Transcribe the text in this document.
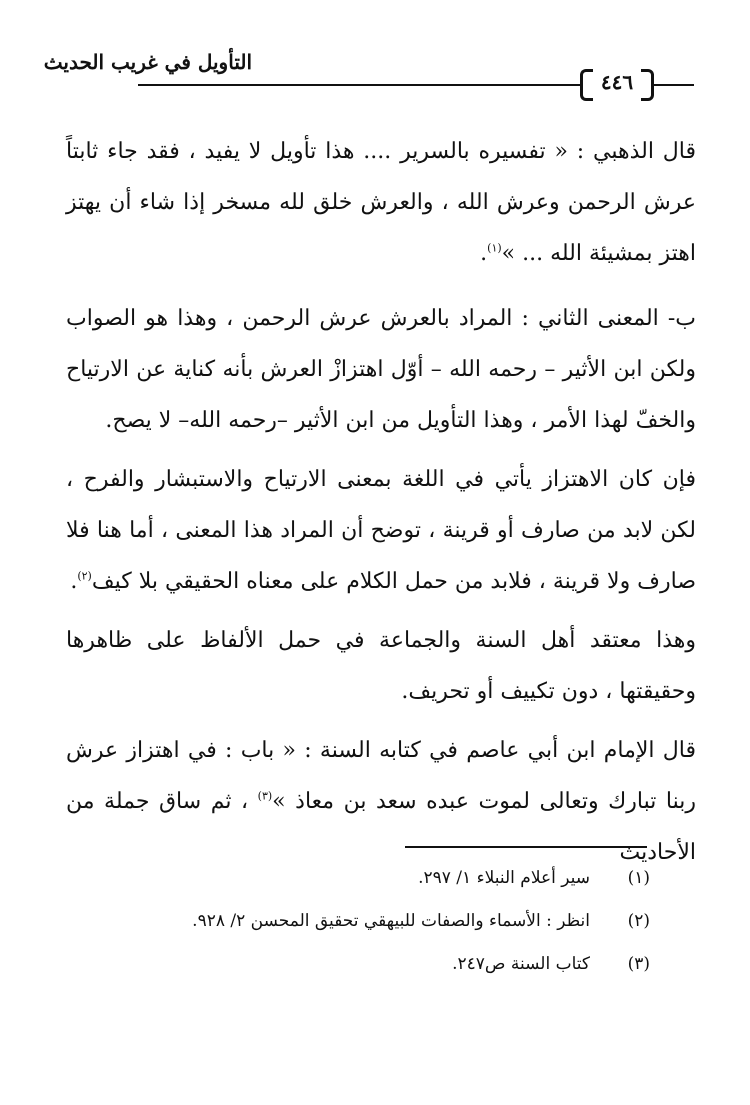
التأويل في غريب الحديث
٤٤٦

قال الذهبي : « تفسيره بالسرير .... هذا تأويل لا يفيد ، فقد جاء ثابتاً عرش الرحمن وعرش الله ، والعرش خلق لله مسخر إذا شاء أن يهتز اهتز بمشيئة الله ... »$^{(١)}$.

ب- المعنى الثاني : المراد بالعرش عرش الرحمن ، وهذا هو الصواب ولكن ابن الأثير – رحمه الله – أوّل اهتزازْ العرش بأنه كناية عن الارتياح والخفّ لهذا الأمر ، وهذا التأويل من ابن الأثير –رحمه الله– لا يصح.

فإن كان الاهتزاز يأتي في اللغة بمعنى الارتياح والاستبشار والفرح ، لكن لابد من صارف أو قرينة ، توضح أن المراد هذا المعنى ، أما هنا فلا صارف ولا قرينة ، فلابد من حمل الكلام على معناه الحقيقي بلا كيف$^{(٢)}$.

وهذا معتقد أهل السنة والجماعة في حمل الألفاظ على ظاهرها وحقيقتها ، دون تكييف أو تحريف.

قال الإمام ابن أبي عاصم في كتابه السنة : « باب : في اهتزاز عرش ربنا تبارك وتعالى لموت عبده سعد بن معاذ »$^{(٣)}$ ، ثم ساق جملة من الأحاديث

(١)
سير أعلام النبلاء ١/ ٢٩٧.
(٢)
انظر : الأسماء والصفات للبيهقي تحقيق المحسن ٢/ ٩٢٨.
(٣)
كتاب السنة ص٢٤٧.
